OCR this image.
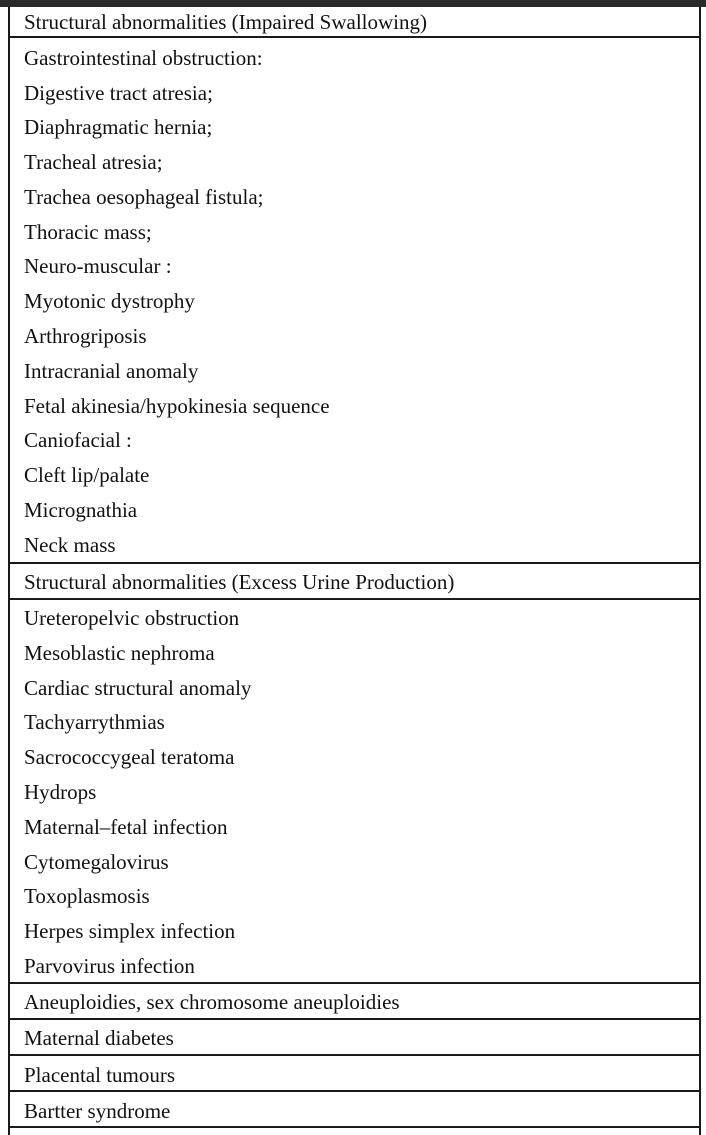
Structural abnormalities (Impaired Swallowing)
Gastrointestinal obstruction:
Digestive tract atresia;
Diaphragmatic hernia;
Tracheal atresia;
Trachea oesophageal fistula;
Thoracic mass;
Neuro-muscular :
Myotonic dystrophy
Arthrogriposis
Intracranial anomaly
Fetal akinesia/hypokinesia sequence
Caniofacial :
Cleft lip/palate
Micrognathia
Neck mass
Structural abnormalities (Excess Urine Production)
Ureteropelvic obstruction
Mesoblastic nephroma
Cardiac structural anomaly
Tachyarrythmias
Sacrococcygeal teratoma
Hydrops
Maternal–fetal infection
Cytomegalovirus
Toxoplasmosis
Herpes simplex infection
Parvovirus infection
Aneuploidies, sex chromosome aneuploidies
Maternal diabetes
Placental tumours
Bartter syndrome
